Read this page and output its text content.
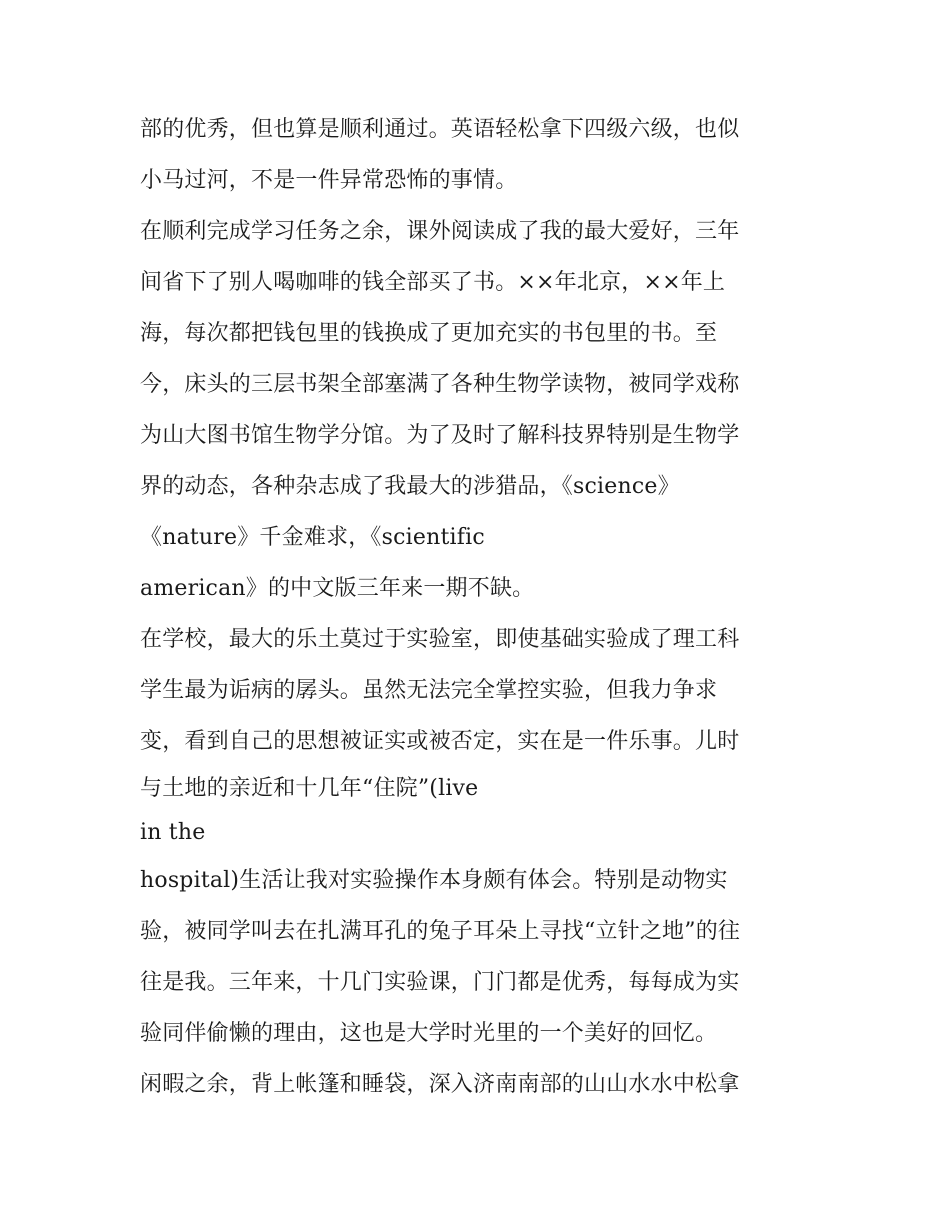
部的优秀，但也算是顺利通过。英语轻松拿下四级六级，也似
小马过河，不是一件异常恐怖的事情。
在顺利完成学习任务之余，课外阅读成了我的最大爱好，三年
间省下了别人喝咖啡的钱全部买了书。××年北京，××年上
海，每次都把钱包里的钱换成了更加充实的书包里的书。至
今，床头的三层书架全部塞满了各种生物学读物，被同学戏称
为山大图书馆生物学分馆。为了及时了解科技界特别是生物学
界的动态，各种杂志成了我最大的涉猎品，《science》
《nature》千金难求，《scientific
american》的中文版三年来一期不缺。
在学校，最大的乐土莫过于实验室，即使基础实验成了理工科
学生最为诟病的孱头。虽然无法完全掌控实验，但我力争求
变，看到自己的思想被证实或被否定，实在是一件乐事。儿时
与土地的亲近和十几年“住院”(live
in the
hospital)生活让我对实验操作本身颇有体会。特别是动物实
验，被同学叫去在扎满耳孔的兔子耳朵上寻找“立针之地”的往
往是我。三年来，十几门实验课，门门都是优秀，每每成为实
验同伴偷懒的理由，这也是大学时光里的一个美好的回忆。
闲暇之余，背上帐篷和睡袋，深入济南南部的山山水水中松拿
